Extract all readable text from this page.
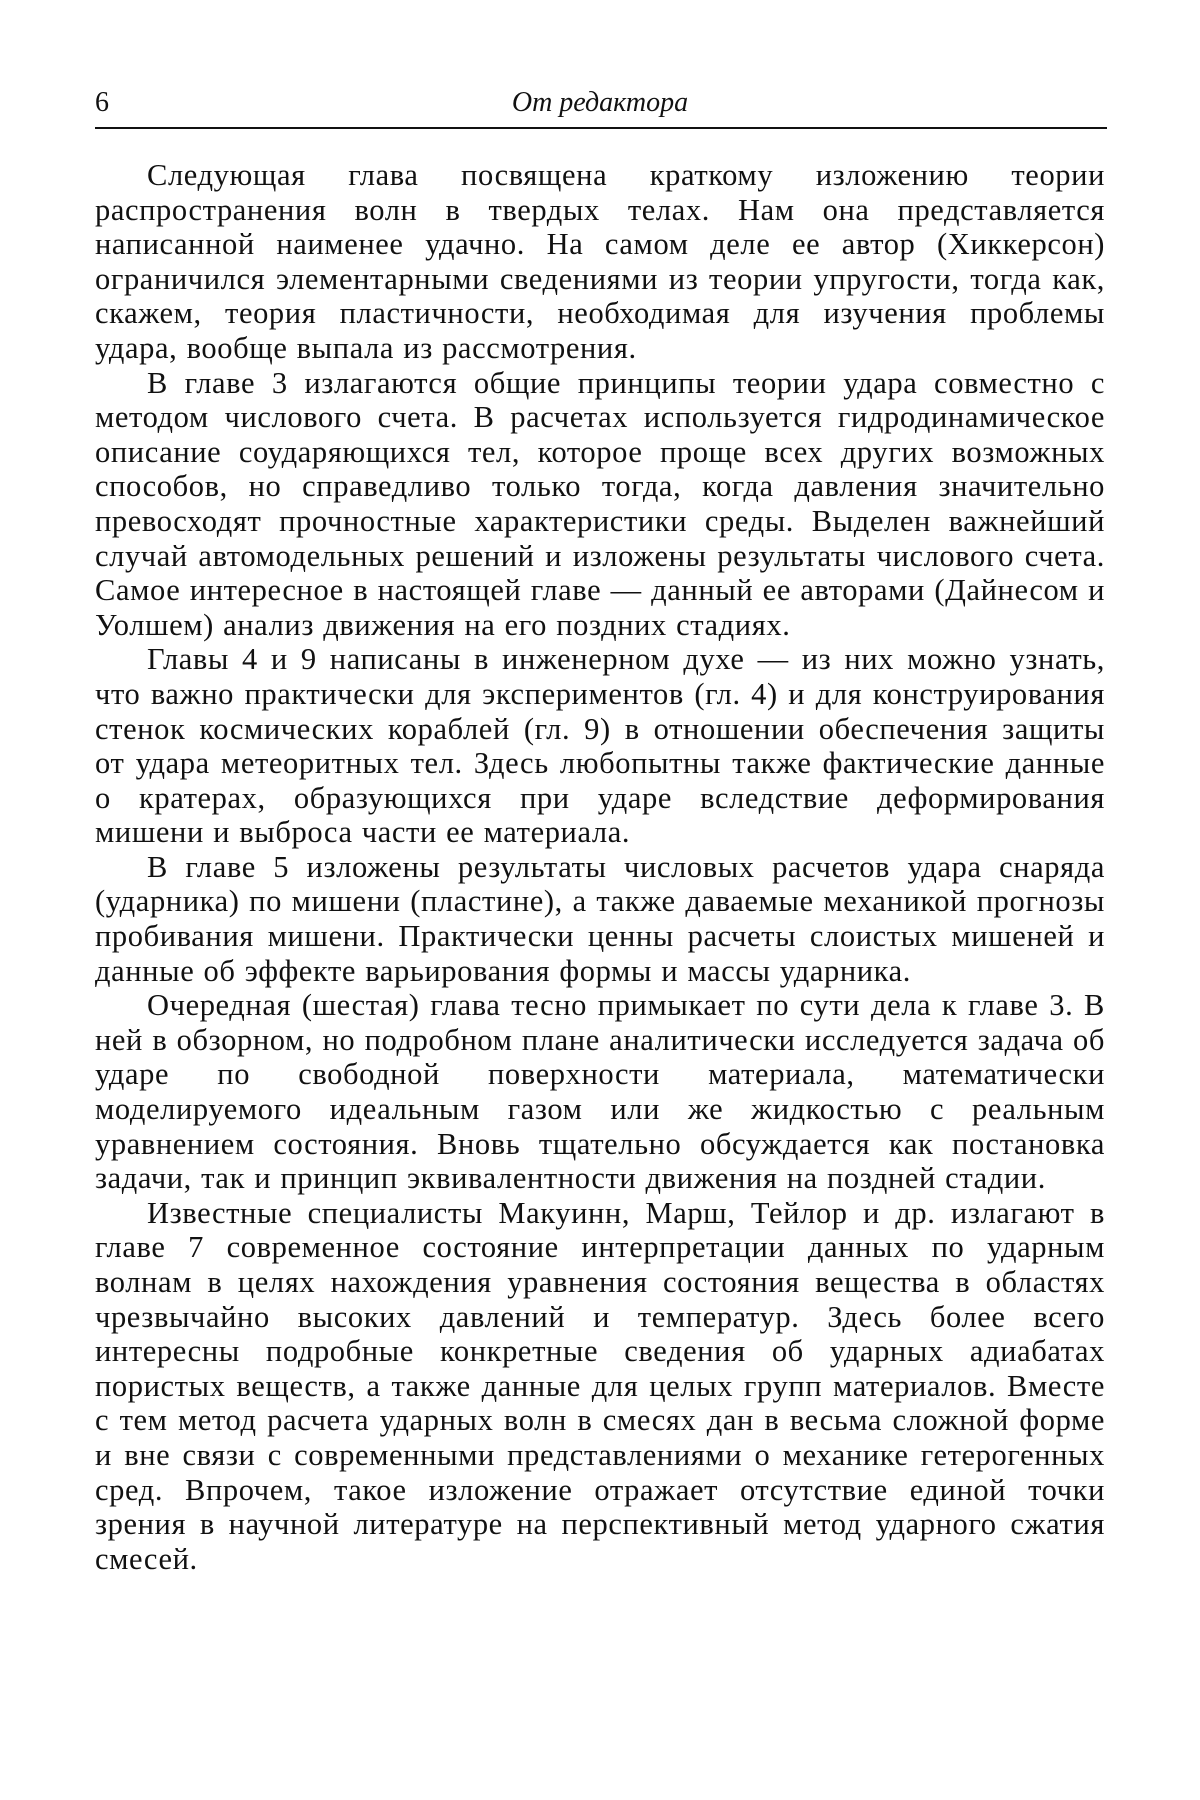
6	От редактора

Следующая глава посвящена краткому изложению теории распространения волн в твердых телах. Нам она представляется написанной наименее удачно. На самом деле ее автор (Хиккерсон) ограничился элементарными сведениями из теории упругости, тогда как, скажем, теория пластичности, необходимая для изучения проблемы удара, вообще выпала из рассмотрения.

В главе 3 излагаются общие принципы теории удара совместно с методом числового счета. В расчетах используется гидродинамическое описание соударяющихся тел, которое проще всех других возможных способов, но справедливо только тогда, когда давления значительно превосходят прочностные характеристики среды. Выделен важнейший случай автомодельных решений и изложены результаты числового счета. Самое интересное в настоящей главе — данный ее авторами (Дайнесом и Уолшем) анализ движения на его поздних стадиях.

Главы 4 и 9 написаны в инженерном духе — из них можно узнать, что важно практически для экспериментов (гл. 4) и для конструирования стенок космических кораблей (гл. 9) в отношении обеспечения защиты от удара метеоритных тел. Здесь любопытны также фактические данные о кратерах, образующихся при ударе вследствие деформирования мишени и выброса части ее материала.

В главе 5 изложены результаты числовых расчетов удара снаряда (ударника) по мишени (пластине), а также даваемые механикой прогнозы пробивания мишени. Практически ценны расчеты слоистых мишеней и данные об эффекте варьирования формы и массы ударника.

Очередная (шестая) глава тесно примыкает по сути дела к главе 3. В ней в обзорном, но подробном плане аналитически исследуется задача об ударе по свободной поверхности материала, математически моделируемого идеальным газом или же жидкостью с реальным уравнением состояния. Вновь тщательно обсуждается как постановка задачи, так и принцип эквивалентности движения на поздней стадии.

Известные специалисты Макуинн, Марш, Тейлор и др. излагают в главе 7 современное состояние интерпретации данных по ударным волнам в целях нахождения уравнения состояния вещества в областях чрезвычайно высоких давлений и температур. Здесь более всего интересны подробные конкретные сведения об ударных адиабатах пористых веществ, а также данные для целых групп материалов. Вместе с тем метод расчета ударных волн в смесях дан в весьма сложной форме и вне связи с современными представлениями о механике гетерогенных сред. Впрочем, такое изложение отражает отсутствие единой точки зрения в научной литературе на перспективный метод ударного сжатия смесей.
